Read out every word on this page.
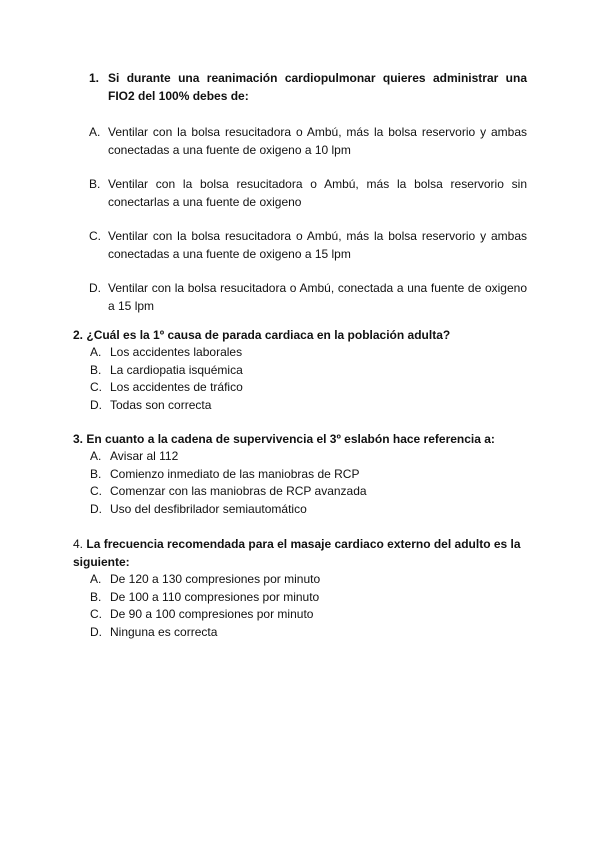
1. Si durante una reanimación cardiopulmonar quieres administrar una FIO2 del 100% debes de:
A. Ventilar con la bolsa resucitadora o Ambú, más la bolsa reservorio y ambas conectadas a una fuente de oxigeno a 10 lpm
B. Ventilar con la bolsa resucitadora o Ambú, más la bolsa reservorio sin conectarlas a una fuente de oxigeno
C. Ventilar con la bolsa resucitadora o Ambú, más la bolsa reservorio y ambas conectadas a una fuente de oxigeno a 15 lpm
D. Ventilar con la bolsa resucitadora o Ambú, conectada a una fuente de oxigeno a 15 lpm
2. ¿Cuál es la 1º causa de parada cardiaca en la población adulta?
A. Los accidentes laborales
B. La cardiopatia isquémica
C. Los accidentes de tráfico
D. Todas son correcta
3. En cuanto a la cadena de supervivencia el 3º eslabón hace referencia a:
A. Avisar al 112
B. Comienzo inmediato de las maniobras de RCP
C. Comenzar con las maniobras de RCP avanzada
D. Uso del desfibrilador semiautomático
4. La frecuencia recomendada para el masaje cardiaco externo del adulto es la siguiente:
A. De 120 a 130 compresiones por minuto
B. De 100 a 110 compresiones por minuto
C. De 90 a 100 compresiones por minuto
D. Ninguna es correcta
